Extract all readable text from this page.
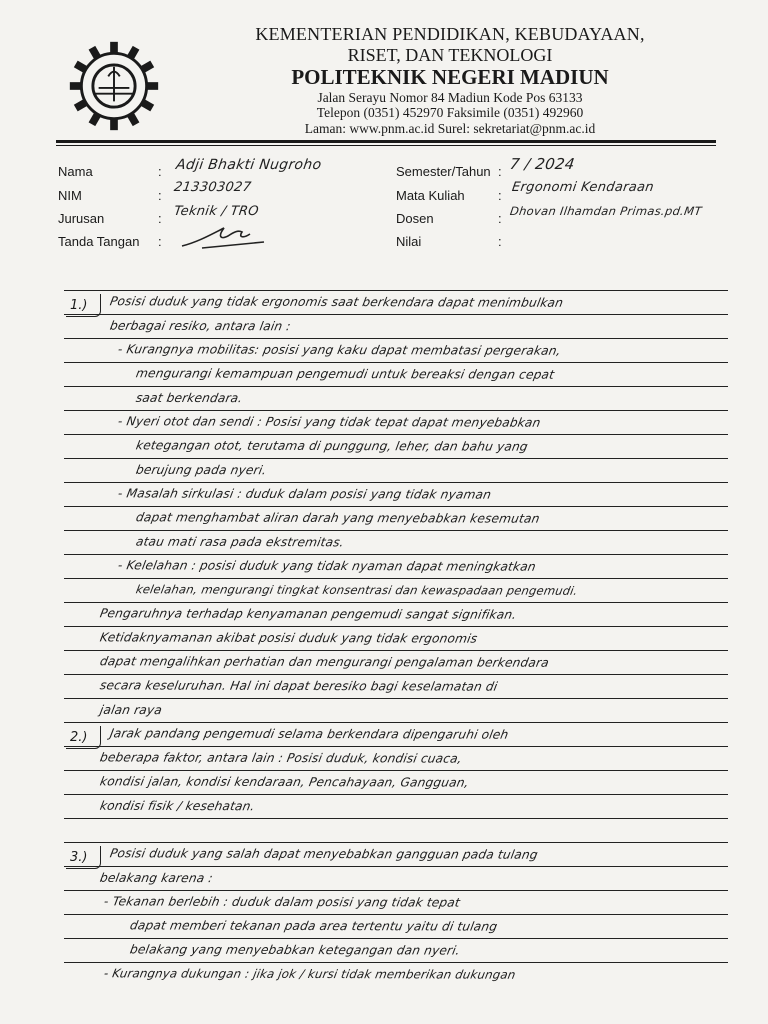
KEMENTERIAN PENDIDIKAN, KEBUDAYAAN,
RISET, DAN TEKNOLOGI
POLITEKNIK NEGERI MADIUN
Jalan Serayu Nomor 84 Madiun Kode Pos 63133
Telepon (0351) 452970 Faksimile (0351) 492960
Laman: www.pnm.ac.id Surel: sekretariat@pnm.ac.id
Nama	: Adji Bhakti Nugroho
NIM	:
213303027
Jurusan	: Teknik / TRO
Tanda Tangan :
Semester/Tahun : 7 / 2024
Mata Kuliah	:
Ergonomi Kendaraan
Dosen	: Dhovan Ilhamdan Primas.pd.MT
Nilai	:
1.) Posisi duduk yang tidak ergonomis saat berkendara dapat menimbulkan
berbagai resiko, antara lain :
- Kurangnya mobilitas: posisi yang kaku dapat membatasi pergerakan,
mengurangi kemampuan pengemudi untuk bereaksi dengan cepat
saat berkendara.
- Nyeri otot dan sendi : Posisi yang tidak tepat dapat menyebabkan
ketegangan otot, terutama di punggung, leher, dan bahu yang
berujung pada nyeri.
- Masalah sirkulasi : duduk dalam posisi yang tidak nyaman
dapat menghambat aliran darah yang menyebabkan kesemutan
atau mati rasa pada ekstremitas.
- Kelelahan : posisi duduk yang tidak nyaman dapat meningkatkan
kelelahan, mengurangi tingkat konsentrasi dan kewaspadaan pengemudi.
Pengaruhnya terhadap kenyamanan pengemudi sangat signifikan.
Ketidaknyamanan akibat posisi duduk yang tidak ergonomis
dapat mengalihkan perhatian dan mengurangi pengalaman berkendara
secara keseluruhan. Hal ini dapat beresiko bagi keselamatan di
jalan raya
2.) Jarak pandang pengemudi selama berkendara dipengaruhi oleh
beberapa faktor, antara lain : Posisi duduk, kondisi cuaca,
kondisi jalan, kondisi kendaraan, Pencahayaan, Gangguan,
kondisi fisik / kesehatan.
3.) Posisi duduk yang salah dapat menyebabkan gangguan pada tulang
belakang karena :
- Tekanan berlebih : duduk dalam posisi yang tidak tepat
dapat memberi tekanan pada area tertentu yaitu di tulang
belakang yang menyebabkan ketegangan dan nyeri.
- Kurangnya dukungan : jika jok / kursi tidak memberikan dukungan
